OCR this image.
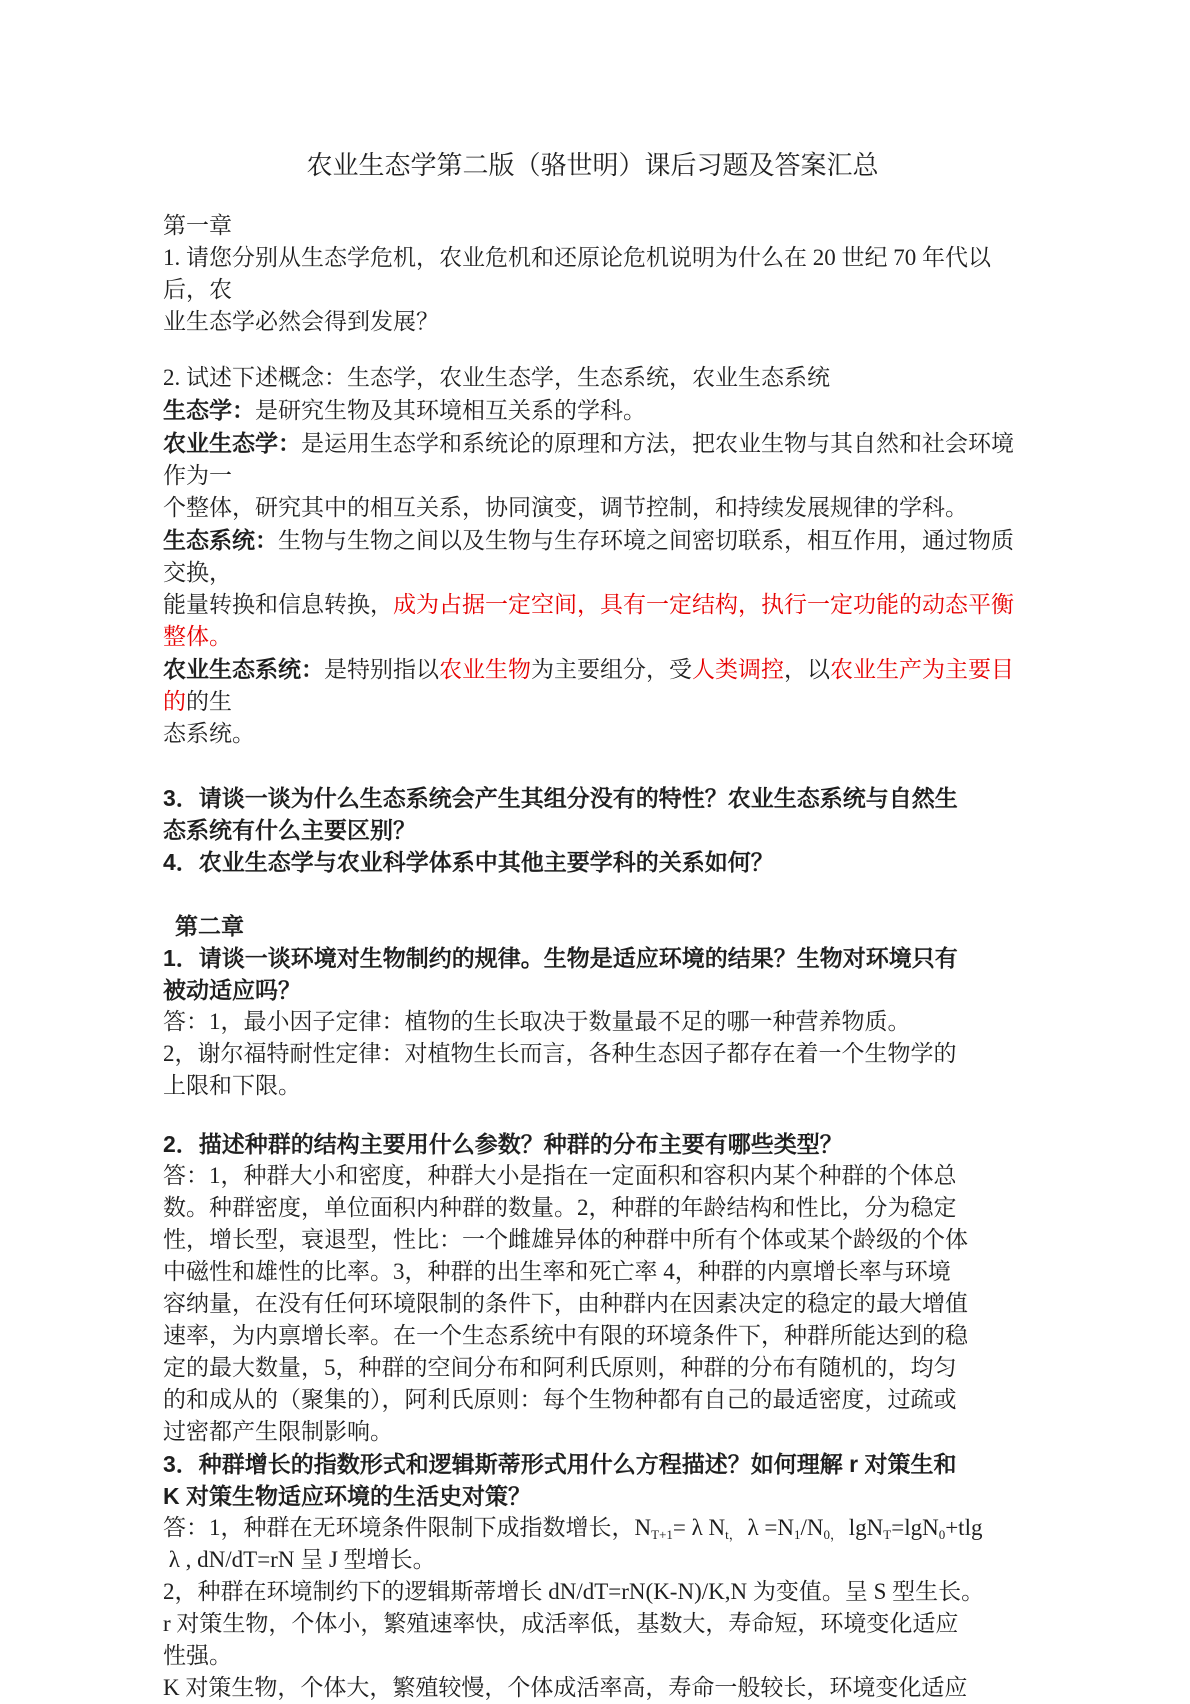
农业生态学第二版（骆世明）课后习题及答案汇总
第一章
1. 请您分别从生态学危机，农业危机和还原论危机说明为什么在 20 世纪 70 年代以后，农
业生态学必然会得到发展？
2. 试述下述概念：生态学，农业生态学，生态系统，农业生态系统
生态学：是研究生物及其环境相互关系的学科。
农业生态学：是运用生态学和系统论的原理和方法，把农业生物与其自然和社会环境作为一
个整体，研究其中的相互关系，协同演变，调节控制，和持续发展规律的学科。
生态系统：生物与生物之间以及生物与生存环境之间密切联系，相互作用，通过物质交换，
能量转换和信息转换，成为占据一定空间，具有一定结构，执行一定功能的动态平衡整体。
农业生态系统：是特别指以农业生物为主要组分，受人类调控，以农业生产为主要目的的生
态系统。
3．请谈一谈为什么生态系统会产生其组分没有的特性？农业生态系统与自然生
态系统有什么主要区别？
4．农业生态学与农业科学体系中其他主要学科的关系如何？
第二章
1．请谈一谈环境对生物制约的规律。生物是适应环境的结果？生物对环境只有
被动适应吗？
答：1，最小因子定律：植物的生长取决于数量最不足的哪一种营养物质。
2，谢尔福特耐性定律：对植物生长而言，各种生态因子都存在着一个生物学的
上限和下限。
2．描述种群的结构主要用什么参数？种群的分布主要有哪些类型？
答：1，种群大小和密度，种群大小是指在一定面积和容积内某个种群的个体总
数。种群密度，单位面积内种群的数量。2，种群的年龄结构和性比，分为稳定
性，增长型，衰退型，性比：一个雌雄异体的种群中所有个体或某个龄级的个体
中磁性和雄性的比率。3，种群的出生率和死亡率 4，种群的内禀增长率与环境
容纳量，在没有任何环境限制的条件下，由种群内在因素决定的稳定的最大增值
速率，为内禀增长率。在一个生态系统中有限的环境条件下，种群所能达到的稳
定的最大数量，5，种群的空间分布和阿利氏原则，种群的分布有随机的，均匀
的和成从的（聚集的），阿利氏原则：每个生物种都有自己的最适密度，过疏或
过密都产生限制影响。
3．种群增长的指数形式和逻辑斯蒂形式用什么方程描述？如何理解 r 对策生和
K 对策生物适应环境的生活史对策？
答：1，种群在无环境条件限制下成指数增长，$N_{T+1}= \lambda$ $N_{t,}$ $\lambda =N_1/N_{0,}$ lgN$_T$=lgN$_0$+tlg
λ , dN/dT=rN 呈 J 型增长。
2，种群在环境制约下的逻辑斯蒂增长 dN/dT=rN(K-N)/K,N 为变值。呈 S 型生长。
r 对策生物，个体小，繁殖速率快，成活率低，基数大，寿命短，环境变化适应
性强。
K 对策生物，个体大，繁殖较慢，个体成活率高，寿命一般较长，环境变化适应
